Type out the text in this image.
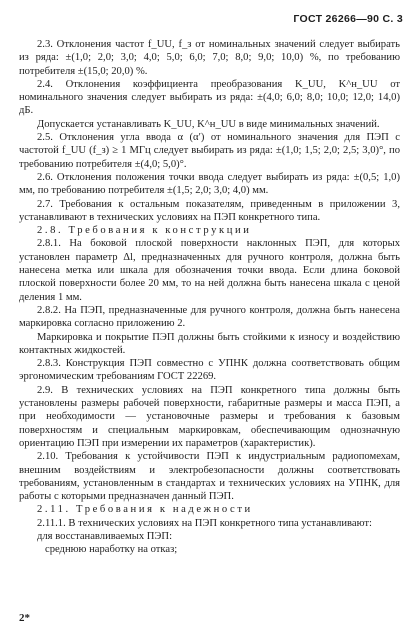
ГОСТ 26266—90 С. 3

2.3. Отклонения частот f_UU, f_з от номинальных значений следует выбирать из ряда: ±(1,0; 2,0; 3,0; 4,0; 5,0; 6,0; 7,0; 8,0; 9,0; 10,0) %, по требованию потребителя ±(15,0; 20,0) %.

2.4. Отклонения коэффициента преобразования K_UU, K^н_UU от номинального значения следует выбирать из ряда: ±(4,0; 6,0; 8,0; 10,0; 12,0; 14,0) дБ.

Допускается устанавливать K_UU, K^н_UU в виде минимальных значений.

2.5. Отклонения угла ввода α (α′) от номинального значения для ПЭП с частотой f_UU (f_з) ≥ 1 МГц следует выбирать из ряда: ±(1,0; 1,5; 2,0; 2,5; 3,0)°, по требованию потребителя ±(4,0; 5,0)°.

2.6. Отклонения положения точки ввода следует выбирать из ряда: ±(0,5; 1,0) мм, по требованию потребителя ±(1,5; 2,0; 3,0; 4,0) мм.

2.7. Требования к остальным показателям, приведенным в приложении 3, устанавливают в технических условиях на ПЭП конкретного типа.

2.8. Требования к конструкции

2.8.1. На боковой плоской поверхности наклонных ПЭП, для которых установлен параметр Δl, предназначенных для ручного контроля, должна быть нанесена метка или шкала для обозначения точки ввода. Если длина боковой плоской поверхности более 20 мм, то на ней должна быть нанесена шкала с ценой деления 1 мм.

2.8.2. На ПЭП, предназначенные для ручного контроля, должна быть нанесена маркировка согласно приложению 2.

Маркировка и покрытие ПЭП должны быть стойкими к износу и воздействию контактных жидкостей.

2.8.3. Конструкция ПЭП совместно с УПНК должна соответствовать общим эргономическим требованиям ГОСТ 22269.

2.9. В технических условиях на ПЭП конкретного типа должны быть установлены размеры рабочей поверхности, габаритные размеры и масса ПЭП, а при необходимости — установочные размеры и требования к базовым поверхностям и специальным маркировкам, обеспечивающим однозначную ориентацию ПЭП при измерении их параметров (характеристик).

2.10. Требования к устойчивости ПЭП к индустриальным радиопомехам, внешним воздействиям и электробезопасности должны соответствовать требованиям, установленным в стандартах и технических условиях на УПНК, для работы с которыми предназначен данный ПЭП.

2.11. Требования к надежности

2.11.1. В технических условиях на ПЭП конкретного типа устанавливают:

для восстанавливаемых ПЭП:

среднюю наработку на отказ;

2*
